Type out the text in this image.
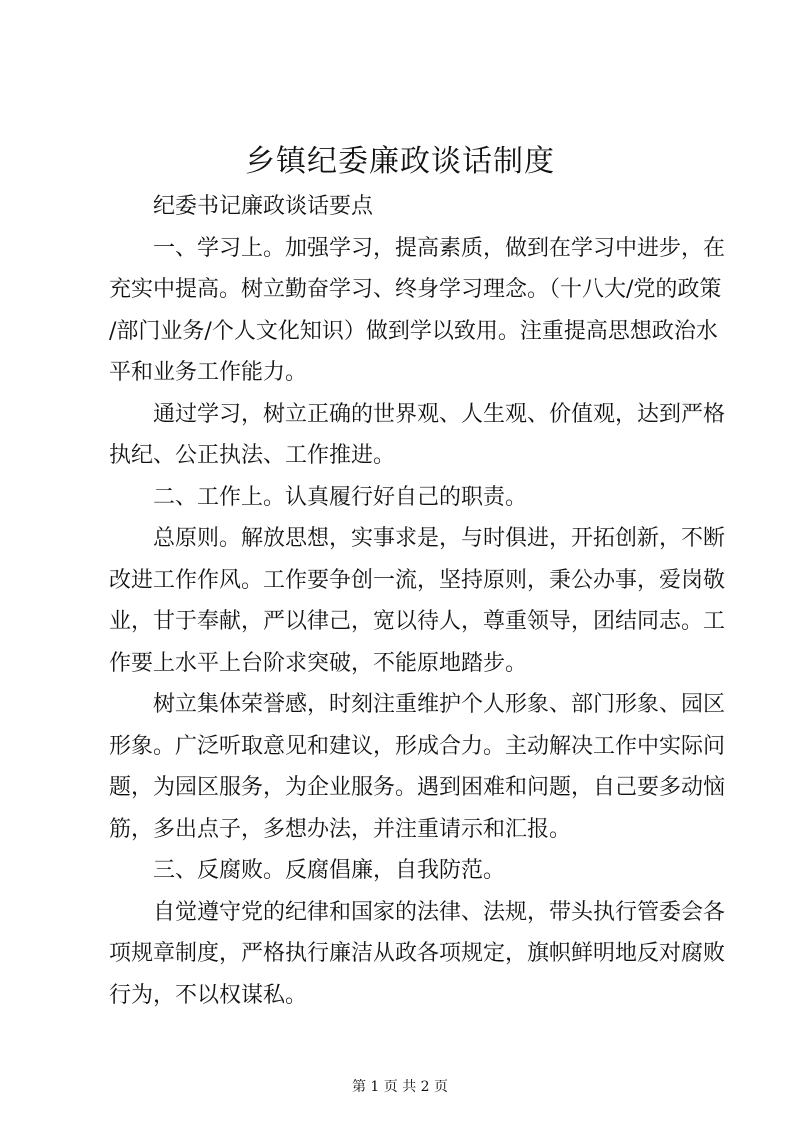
乡镇纪委廉政谈话制度

纪委书记廉政谈话要点

一、学习上。加强学习，提高素质，做到在学习中进步，在
充实中提高。树立勤奋学习、终身学习理念。（十八大/党的政策
/部门业务/个人文化知识）做到学以致用。注重提高思想政治水
平和业务工作能力。

通过学习，树立正确的世界观、人生观、价值观，达到严格
执纪、公正执法、工作推进。

二、工作上。认真履行好自己的职责。

总原则。解放思想，实事求是，与时俱进，开拓创新，不断
改进工作作风。工作要争创一流，坚持原则，秉公办事，爱岗敬
业，甘于奉献，严以律己，宽以待人，尊重领导，团结同志。工
作要上水平上台阶求突破，不能原地踏步。

树立集体荣誉感，时刻注重维护个人形象、部门形象、园区
形象。广泛听取意见和建议，形成合力。主动解决工作中实际问
题，为园区服务，为企业服务。遇到困难和问题，自己要多动恼
筋，多出点子，多想办法，并注重请示和汇报。

三、反腐败。反腐倡廉，自我防范。

自觉遵守党的纪律和国家的法律、法规，带头执行管委会各
项规章制度，严格执行廉洁从政各项规定，旗帜鲜明地反对腐败
行为，不以权谋私。

第 1 页 共 2 页
